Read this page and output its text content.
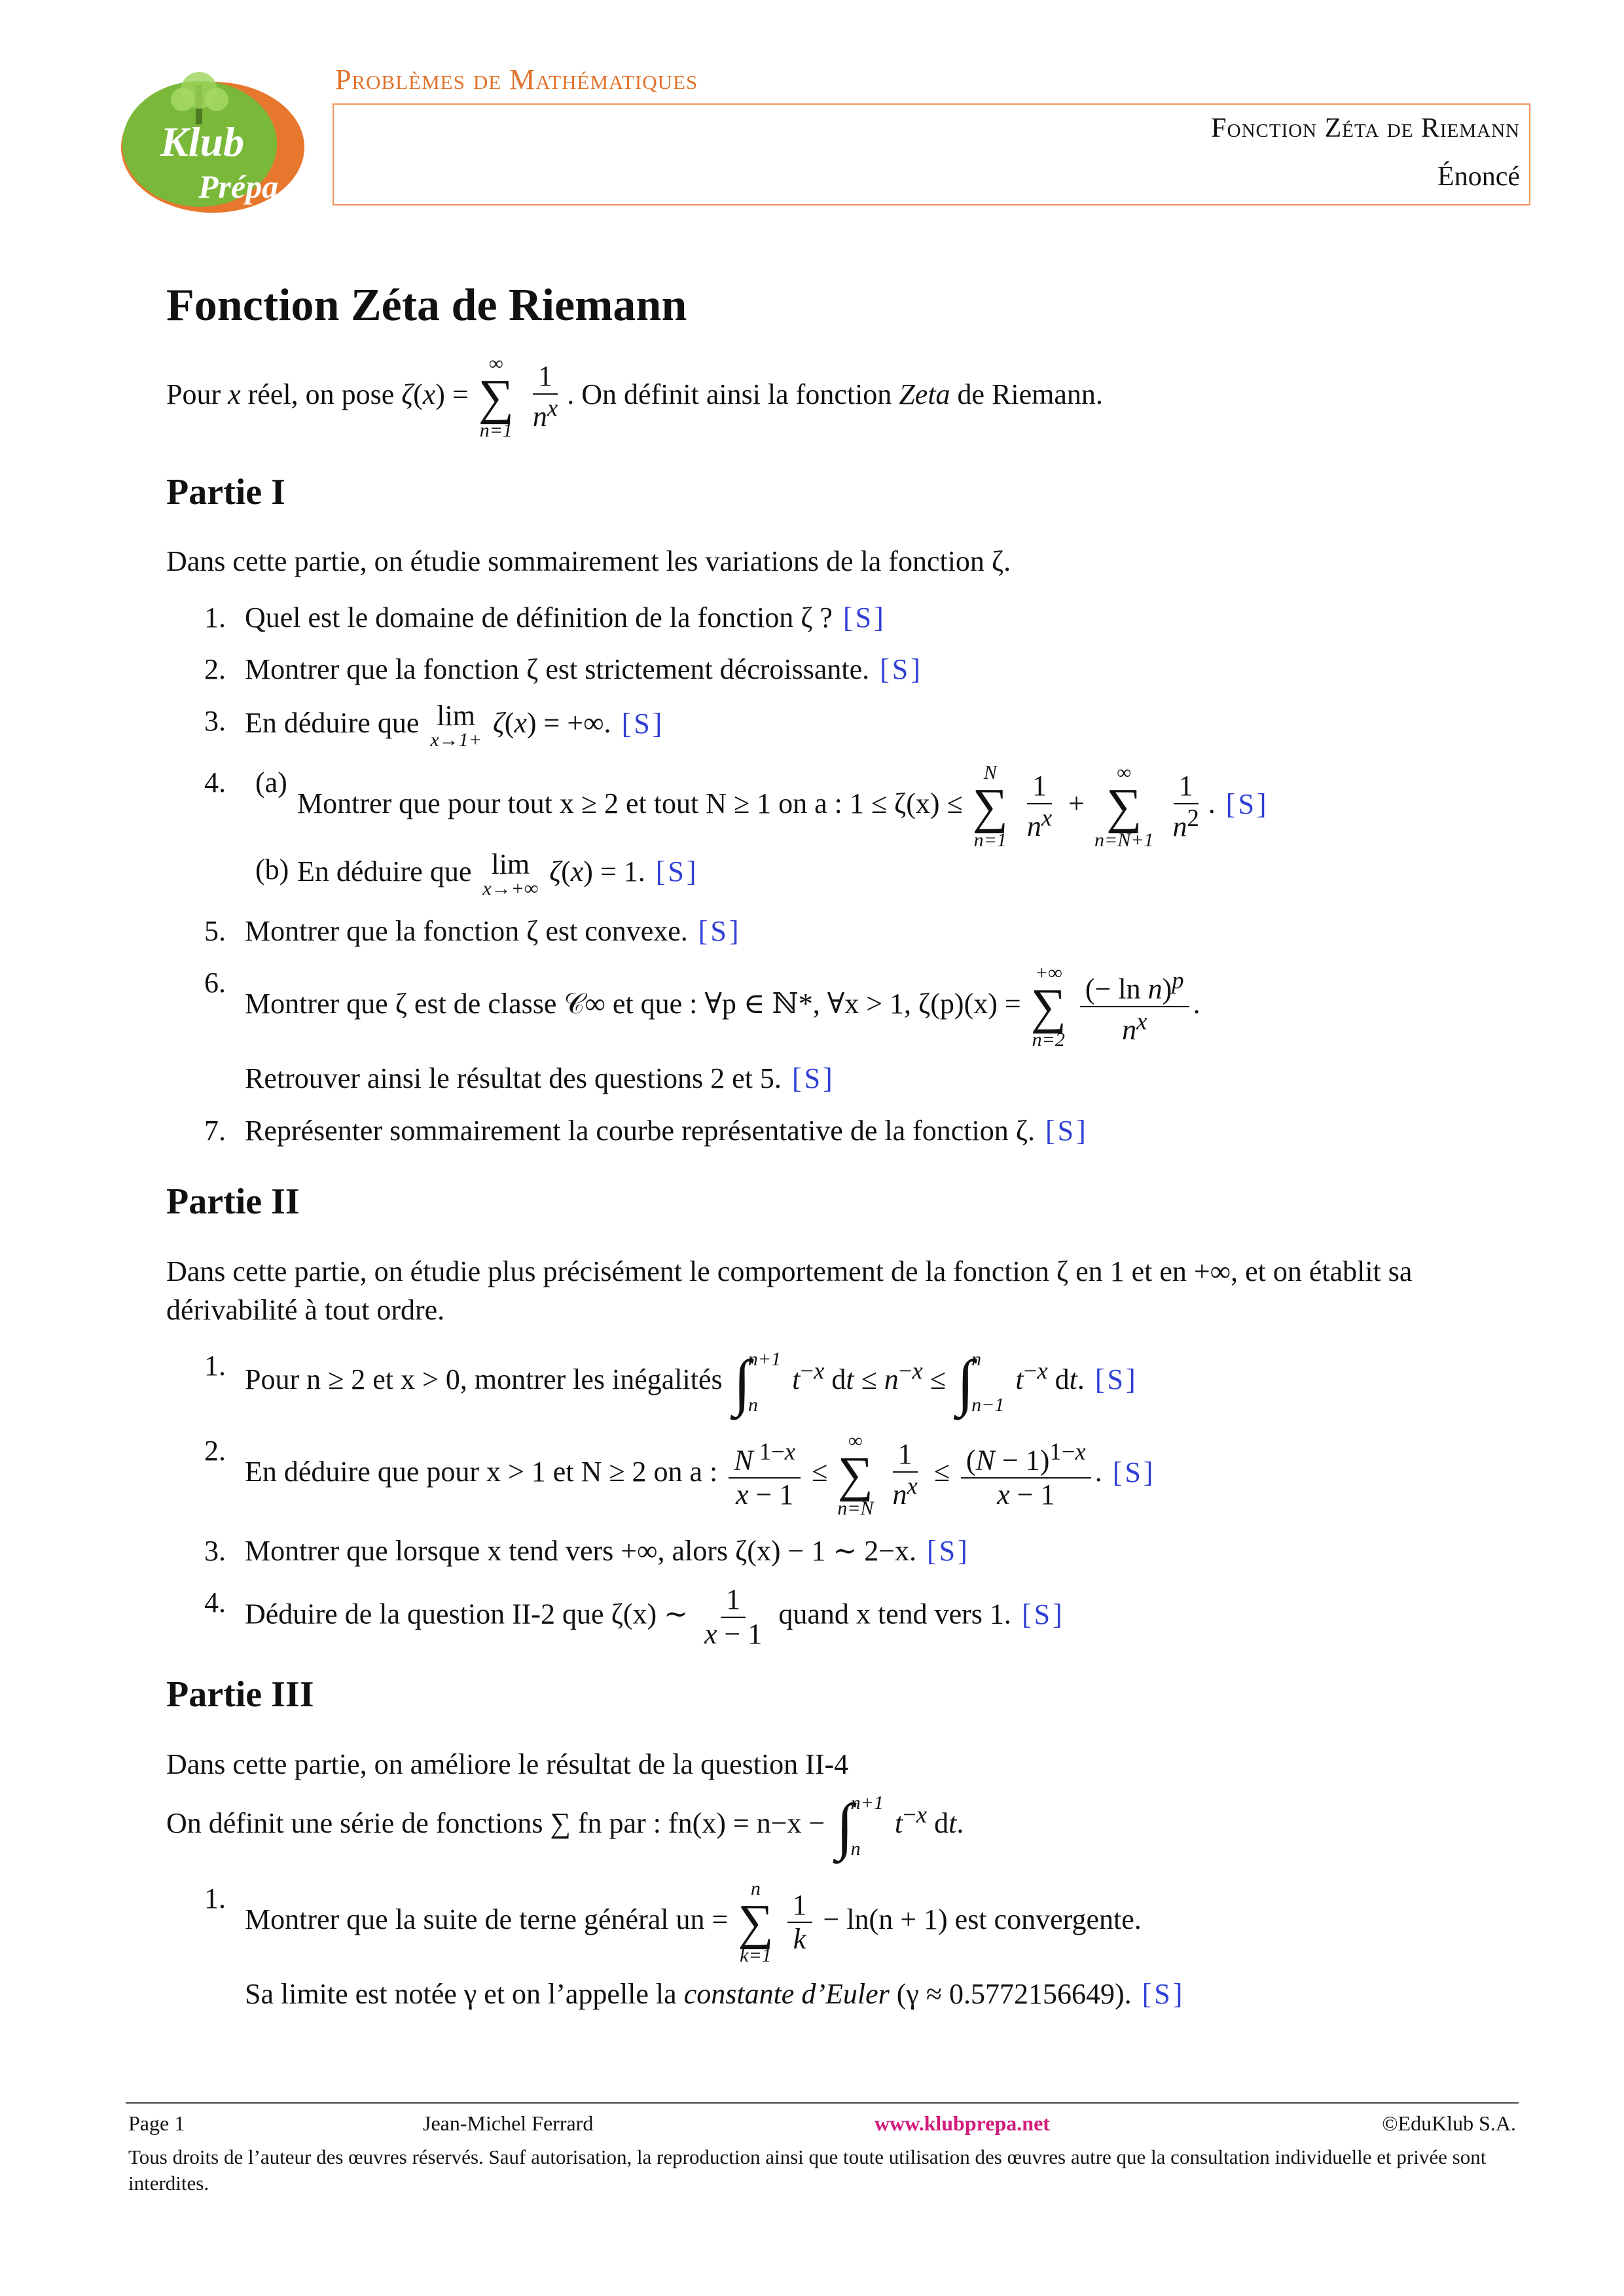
Klub
Prépa
Problèmes de Mathématiques
Fonction Zéta de Riemann
Énoncé
Fonction Zéta de Riemann
Pour x réel, on pose ζ(x) =
∞
∑
n=1
$\frac{1}{n^x}$ . On définit ainsi la fonction Zeta de Riemann.
Partie I
Dans cette partie, on étudie sommairement les variations de la fonction ζ.
1. Quel est le domaine de définition de la fonction ζ ? [S]
2. Montrer que la fonction ζ est strictement décroissante. [S]
3. En déduire que lim
x→1+
ζ(x) = +∞. [S]
4. (a)
Montrer que pour tout x ≥ 2 et tout N ≥ 1 on a : 1 ≤ ζ(x) ≤
N
∑
n=1
$\frac{1}{n^x}$ +
∞
∑
n=N+1
$\frac{1}{n^2}$ . [S]
(b) En déduire que lim
x→+∞
ζ(x) = 1. [S]
5. Montrer que la fonction ζ est convexe. [S]
6.
Montrer que ζ est de classe 𝒞∞ et que : ∀p ∈ ℕ*, ∀x > 1, ζ(p)(x) =
+∞
∑
n=2
$\frac{(- \ln n)^p}{n^x}$ .
Retrouver ainsi le résultat des questions 2 et 5. [S]
7. Représenter sommairement la courbe représentative de la fonction ζ. [S]
Partie II
Dans cette partie, on étudie plus précisément le comportement de la fonction ζ en 1 et en +∞, et on établit sa dérivabilité à tout ordre.
1. Pour n ≥ 2 et x > 0, montrer les inégalités ∫
n+1
n
$t^{-x}$ dt ≤ $n^{-x}$ ≤ ∫
n
n−1
$t^{-x}$ dt. [S]
2.
En déduire que pour x > 1 et N ≥ 2 on a : $\frac{N ^{1-x}}{x - 1}$ ≤
∞
∑
n=N
$\frac{1}{n^x} \le \frac{(N - 1)^{1-x}}{x - 1}$ . [S]
3. Montrer que lorsque x tend vers +∞, alors ζ(x) − 1 ∼ 2−x. [S]
4. Déduire de la question II-2 que ζ(x) ∼ $\frac{1}{x - 1}$ quand x tend vers 1. [S]
Partie III
Dans cette partie, on améliore le résultat de la question II-4
On définit une série de fonctions ∑ fn par : fn(x) = n−x − ∫
n+1
n
$t^{-x}$ dt.
1.
Montrer que la suite de terne général un =
n
∑
k=1
$\frac{1}{k} - \ln(n + 1)$ est convergente.
Sa limite est notée γ et on l’appelle la constante d’Euler (γ ≈ 0.5772156649). [S]
Page 1	Jean-Michel Ferrard	www.klubprepa.net	©EduKlub S.A.
Tous droits de l’auteur des œuvres réservés. Sauf autorisation, la reproduction ainsi que toute utilisation des œuvres autre que la consultation individuelle et privée sont interdites.
